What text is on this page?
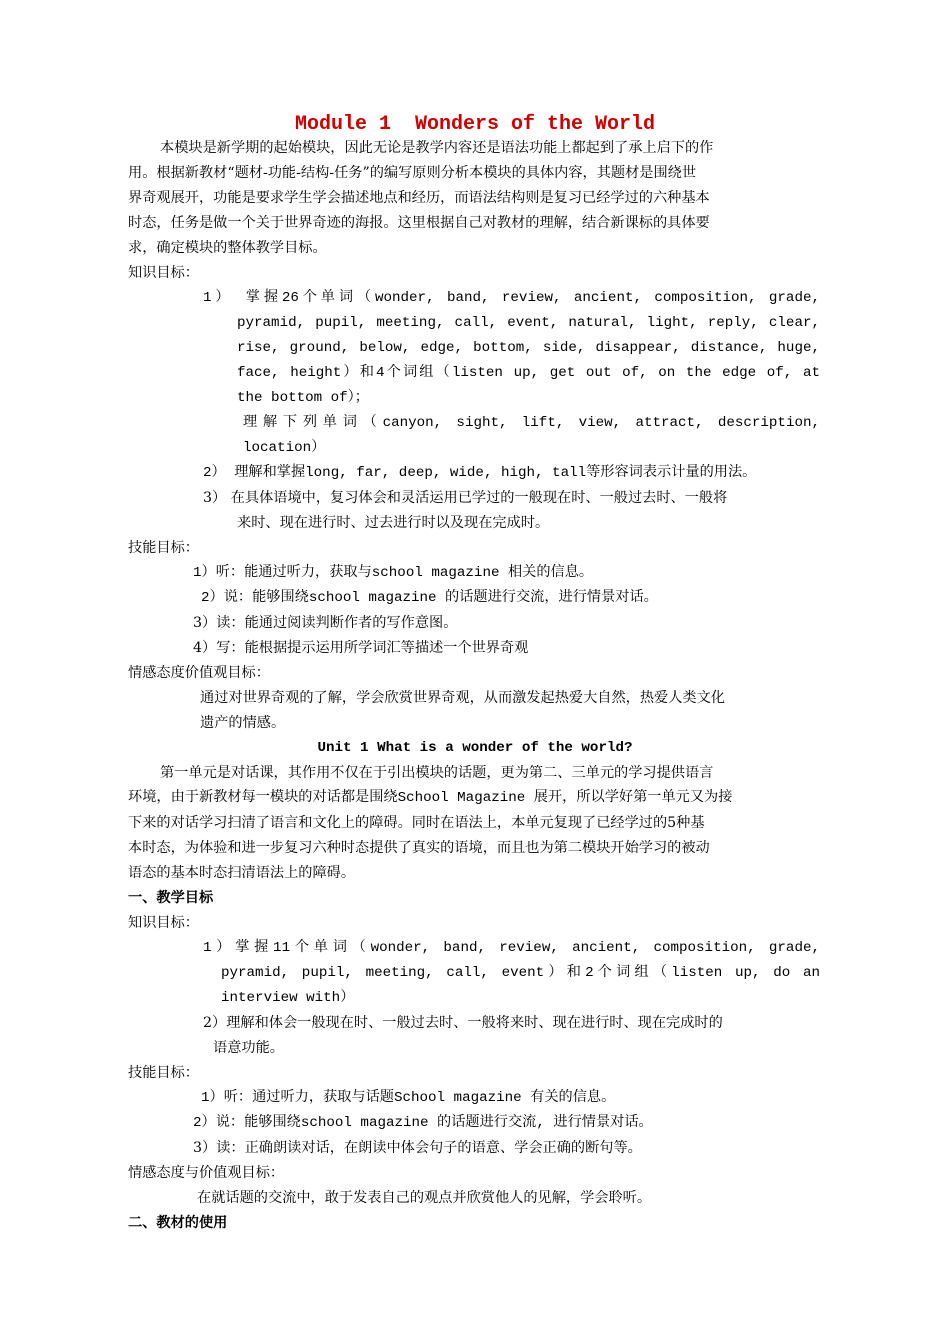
Module 1  Wonders of the World
本模块是新学期的起始模块，因此无论是教学内容还是语法功能上都起到了承上启下的作
用。根据新教材“题材-功能-结构-任务”的编写原则分析本模块的具体内容，其题材是围绕世
界奇观展开，功能是要求学生学会描述地点和经历，而语法结构则是复习已经学过的六种基本
时态，任务是做一个关于世界奇迹的海报。这里根据自己对教材的理解，结合新课标的具体要
求，确定模块的整体教学目标。
知识目标：
1） 掌握26个单词（wonder, band, review, ancient, composition, grade,
pyramid, pupil, meeting, call, event, natural, light, reply, clear,
rise, ground, below, edge, bottom, side, disappear, distance, huge,
face, height）和4个词组（listen up, get out of, on the edge of, at
the bottom of）；
理解下列单词（canyon, sight, lift, view, attract, description,
location）
2） 理解和掌握long, far, deep, wide, high, tall等形容词表示计量的用法。
3） 在具体语境中，复习体会和灵活运用已学过的一般现在时、一般过去时、一般将
来时、现在进行时、过去进行时以及现在完成时。
技能目标：
1）听：能通过听力，获取与school magazine 相关的信息。
2）说：能够围绕school magazine 的话题进行交流，进行情景对话。
3）读：能通过阅读判断作者的写作意图。
4）写：能根据提示运用所学词汇等描述一个世界奇观
情感态度价值观目标：
通过对世界奇观的了解，学会欣赏世界奇观，从而激发起热爱大自然，热爱人类文化
遗产的情感。
Unit 1 What is a wonder of the world?
第一单元是对话课，其作用不仅在于引出模块的话题，更为第二、三单元的学习提供语言
环境，由于新教材每一模块的对话都是围绕School Magazine 展开，所以学好第一单元又为接
下来的对话学习扫清了语言和文化上的障碍。同时在语法上，本单元复现了已经学过的5种基
本时态，为体验和进一步复习六种时态提供了真实的语境，而且也为第二模块开始学习的被动
语态的基本时态扫清语法上的障碍。
一、教学目标
知识目标：
1）掌握11个单词（wonder, band, review, ancient, composition, grade,
pyramid, pupil, meeting, call, event）和2个词组（listen up, do an
interview with）
2）理解和体会一般现在时、一般过去时、一般将来时、现在进行时、现在完成时的
语意功能。
技能目标：
1）听：通过听力，获取与话题School magazine 有关的信息。
2）说：能够围绕school magazine 的话题进行交流, 进行情景对话。
3）读：正确朗读对话，在朗读中体会句子的语意、学会正确的断句等。
情感态度与价值观目标：
在就话题的交流中，敢于发表自己的观点并欣赏他人的见解，学会聆听。
二、教材的使用
